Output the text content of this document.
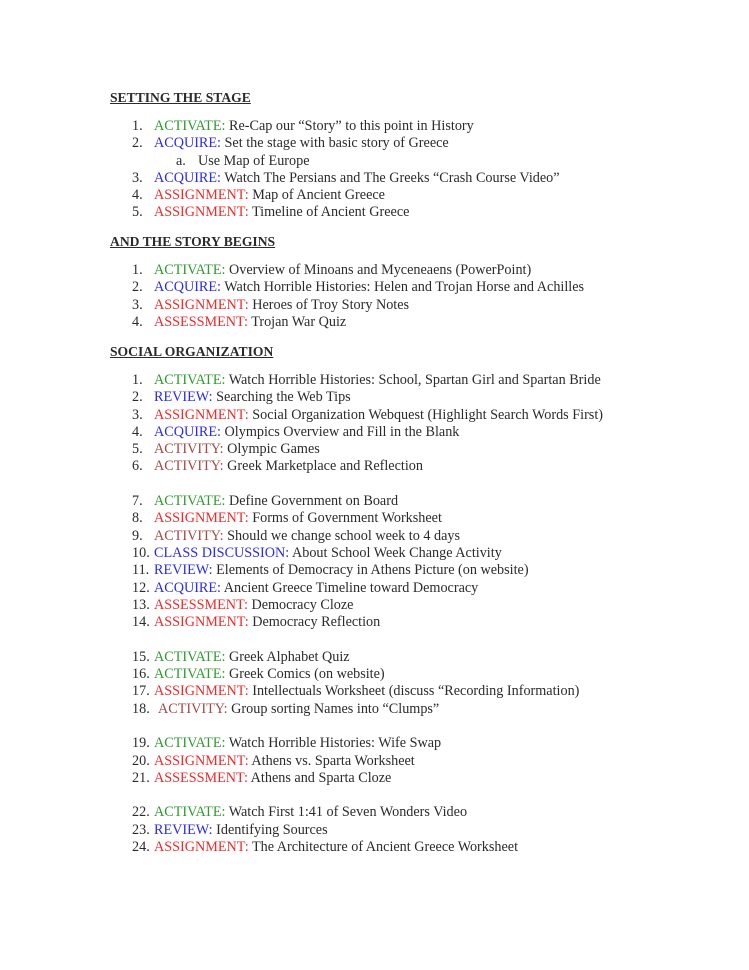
SETTING THE STAGE
1. ACTIVATE: Re-Cap our “Story” to this point in History
2. ACQUIRE: Set the stage with basic story of Greece
a. Use Map of Europe
3. ACQUIRE: Watch The Persians and The Greeks “Crash Course Video”
4. ASSIGNMENT: Map of Ancient Greece
5. ASSIGNMENT: Timeline of Ancient Greece
AND THE STORY BEGINS
1. ACTIVATE: Overview of Minoans and Myceneaens (PowerPoint)
2. ACQUIRE: Watch Horrible Histories: Helen and Trojan Horse and Achilles
3. ASSIGNMENT: Heroes of Troy Story Notes
4. ASSESSMENT: Trojan War Quiz
SOCIAL ORGANIZATION
1. ACTIVATE: Watch Horrible Histories: School, Spartan Girl and Spartan Bride
2. REVIEW: Searching the Web Tips
3. ASSIGNMENT: Social Organization Webquest (Highlight Search Words First)
4. ACQUIRE: Olympics Overview and Fill in the Blank
5. ACTIVITY: Olympic Games
6. ACTIVITY: Greek Marketplace and Reflection
7. ACTIVATE: Define Government on Board
8. ASSIGNMENT: Forms of Government Worksheet
9. ACTIVITY: Should we change school week to 4 days
10. CLASS DISCUSSION: About School Week Change Activity
11. REVIEW: Elements of Democracy in Athens Picture (on website)
12. ACQUIRE: Ancient Greece Timeline toward Democracy
13. ASSESSMENT: Democracy Cloze
14. ASSIGNMENT: Democracy Reflection
15. ACTIVATE: Greek Alphabet Quiz
16. ACTIVATE: Greek Comics (on website)
17. ASSIGNMENT: Intellectuals Worksheet (discuss “Recording Information)
18. ACTIVITY: Group sorting Names into “Clumps”
19. ACTIVATE: Watch Horrible Histories: Wife Swap
20. ASSIGNMENT: Athens vs. Sparta Worksheet
21. ASSESSMENT: Athens and Sparta Cloze
22. ACTIVATE: Watch First 1:41 of Seven Wonders Video
23. REVIEW: Identifying Sources
24. ASSIGNMENT: The Architecture of Ancient Greece Worksheet
